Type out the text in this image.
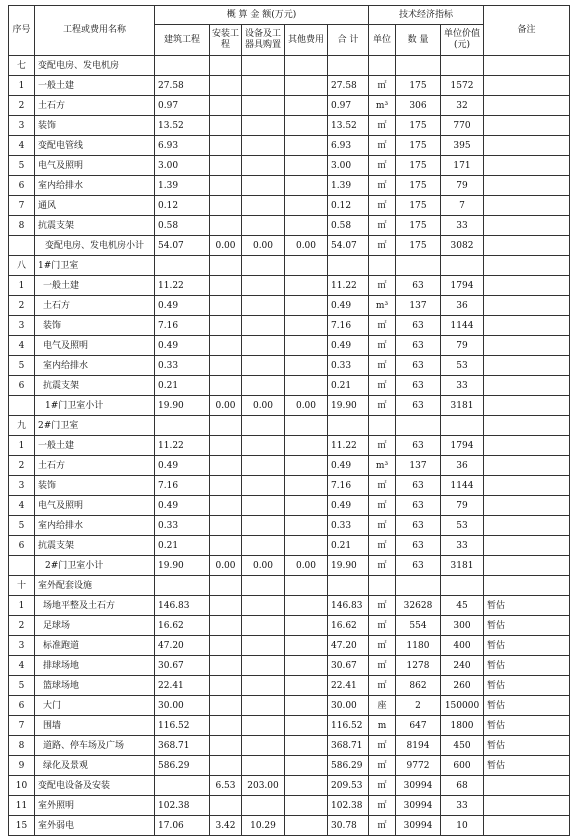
序号	工程或费用名称	概 算 金 额(万元)					技术经济指标			备注
		建筑工程	安装工程	设备及工器具购置	其他费用	合 计	单位	数 量	单位价值(元)	
七	变配电房、发电机房									
1	一般土建	27.58				27.58	㎡	175	1572	
2	土石方	0.97				0.97	m³	306	32	
3	装饰	13.52				13.52	㎡	175	770	
4	变配电管线	6.93				6.93	㎡	175	395	
5	电气及照明	3.00				3.00	㎡	175	171	
6	室内给排水	1.39				1.39	㎡	175	79	
7	通风	0.12				0.12	㎡	175	7	
8	抗震支架	0.58				0.58	㎡	175	33	
	变配电房、发电机房小计	54.07	0.00	0.00	0.00	54.07	㎡	175	3082	
八	1#门卫室									
1	一般土建	11.22				11.22	㎡	63	1794	
2	土石方	0.49				0.49	m³	137	36	
3	装饰	7.16				7.16	㎡	63	1144	
4	电气及照明	0.49				0.49	㎡	63	79	
5	室内给排水	0.33				0.33	㎡	63	53	
6	抗震支架	0.21				0.21	㎡	63	33	
	1#门卫室小计	19.90	0.00	0.00	0.00	19.90	㎡	63	3181	
九	2#门卫室									
1	一般土建	11.22				11.22	㎡	63	1794	
2	土石方	0.49				0.49	m³	137	36	
3	装饰	7.16				7.16	㎡	63	1144	
4	电气及照明	0.49				0.49	㎡	63	79	
5	室内给排水	0.33				0.33	㎡	63	53	
6	抗震支架	0.21				0.21	㎡	63	33	
	2#门卫室小计	19.90	0.00	0.00	0.00	19.90	㎡	63	3181	
十	室外配套设施									
1	场地平整及土石方	146.83				146.83	㎡	32628	45	暂估
2	足球场	16.62				16.62	㎡	554	300	暂估
3	标准跑道	47.20				47.20	㎡	1180	400	暂估
4	排球场地	30.67				30.67	㎡	1278	240	暂估
5	篮球场地	22.41				22.41	㎡	862	260	暂估
6	大门	30.00				30.00	座	2	150000	暂估
7	围墙	116.52				116.52	m	647	1800	暂估
8	道路、停车场及广场	368.71				368.71	㎡	8194	450	暂估
9	绿化及景观	586.29				586.29	㎡	9772	600	暂估
10	变配电设备及安装		6.53	203.00		209.53	㎡	30994	68	
11	室外照明	102.38				102.38	㎡	30994	33	
15	室外弱电	17.06	3.42	10.29		30.78	㎡	30994	10	
